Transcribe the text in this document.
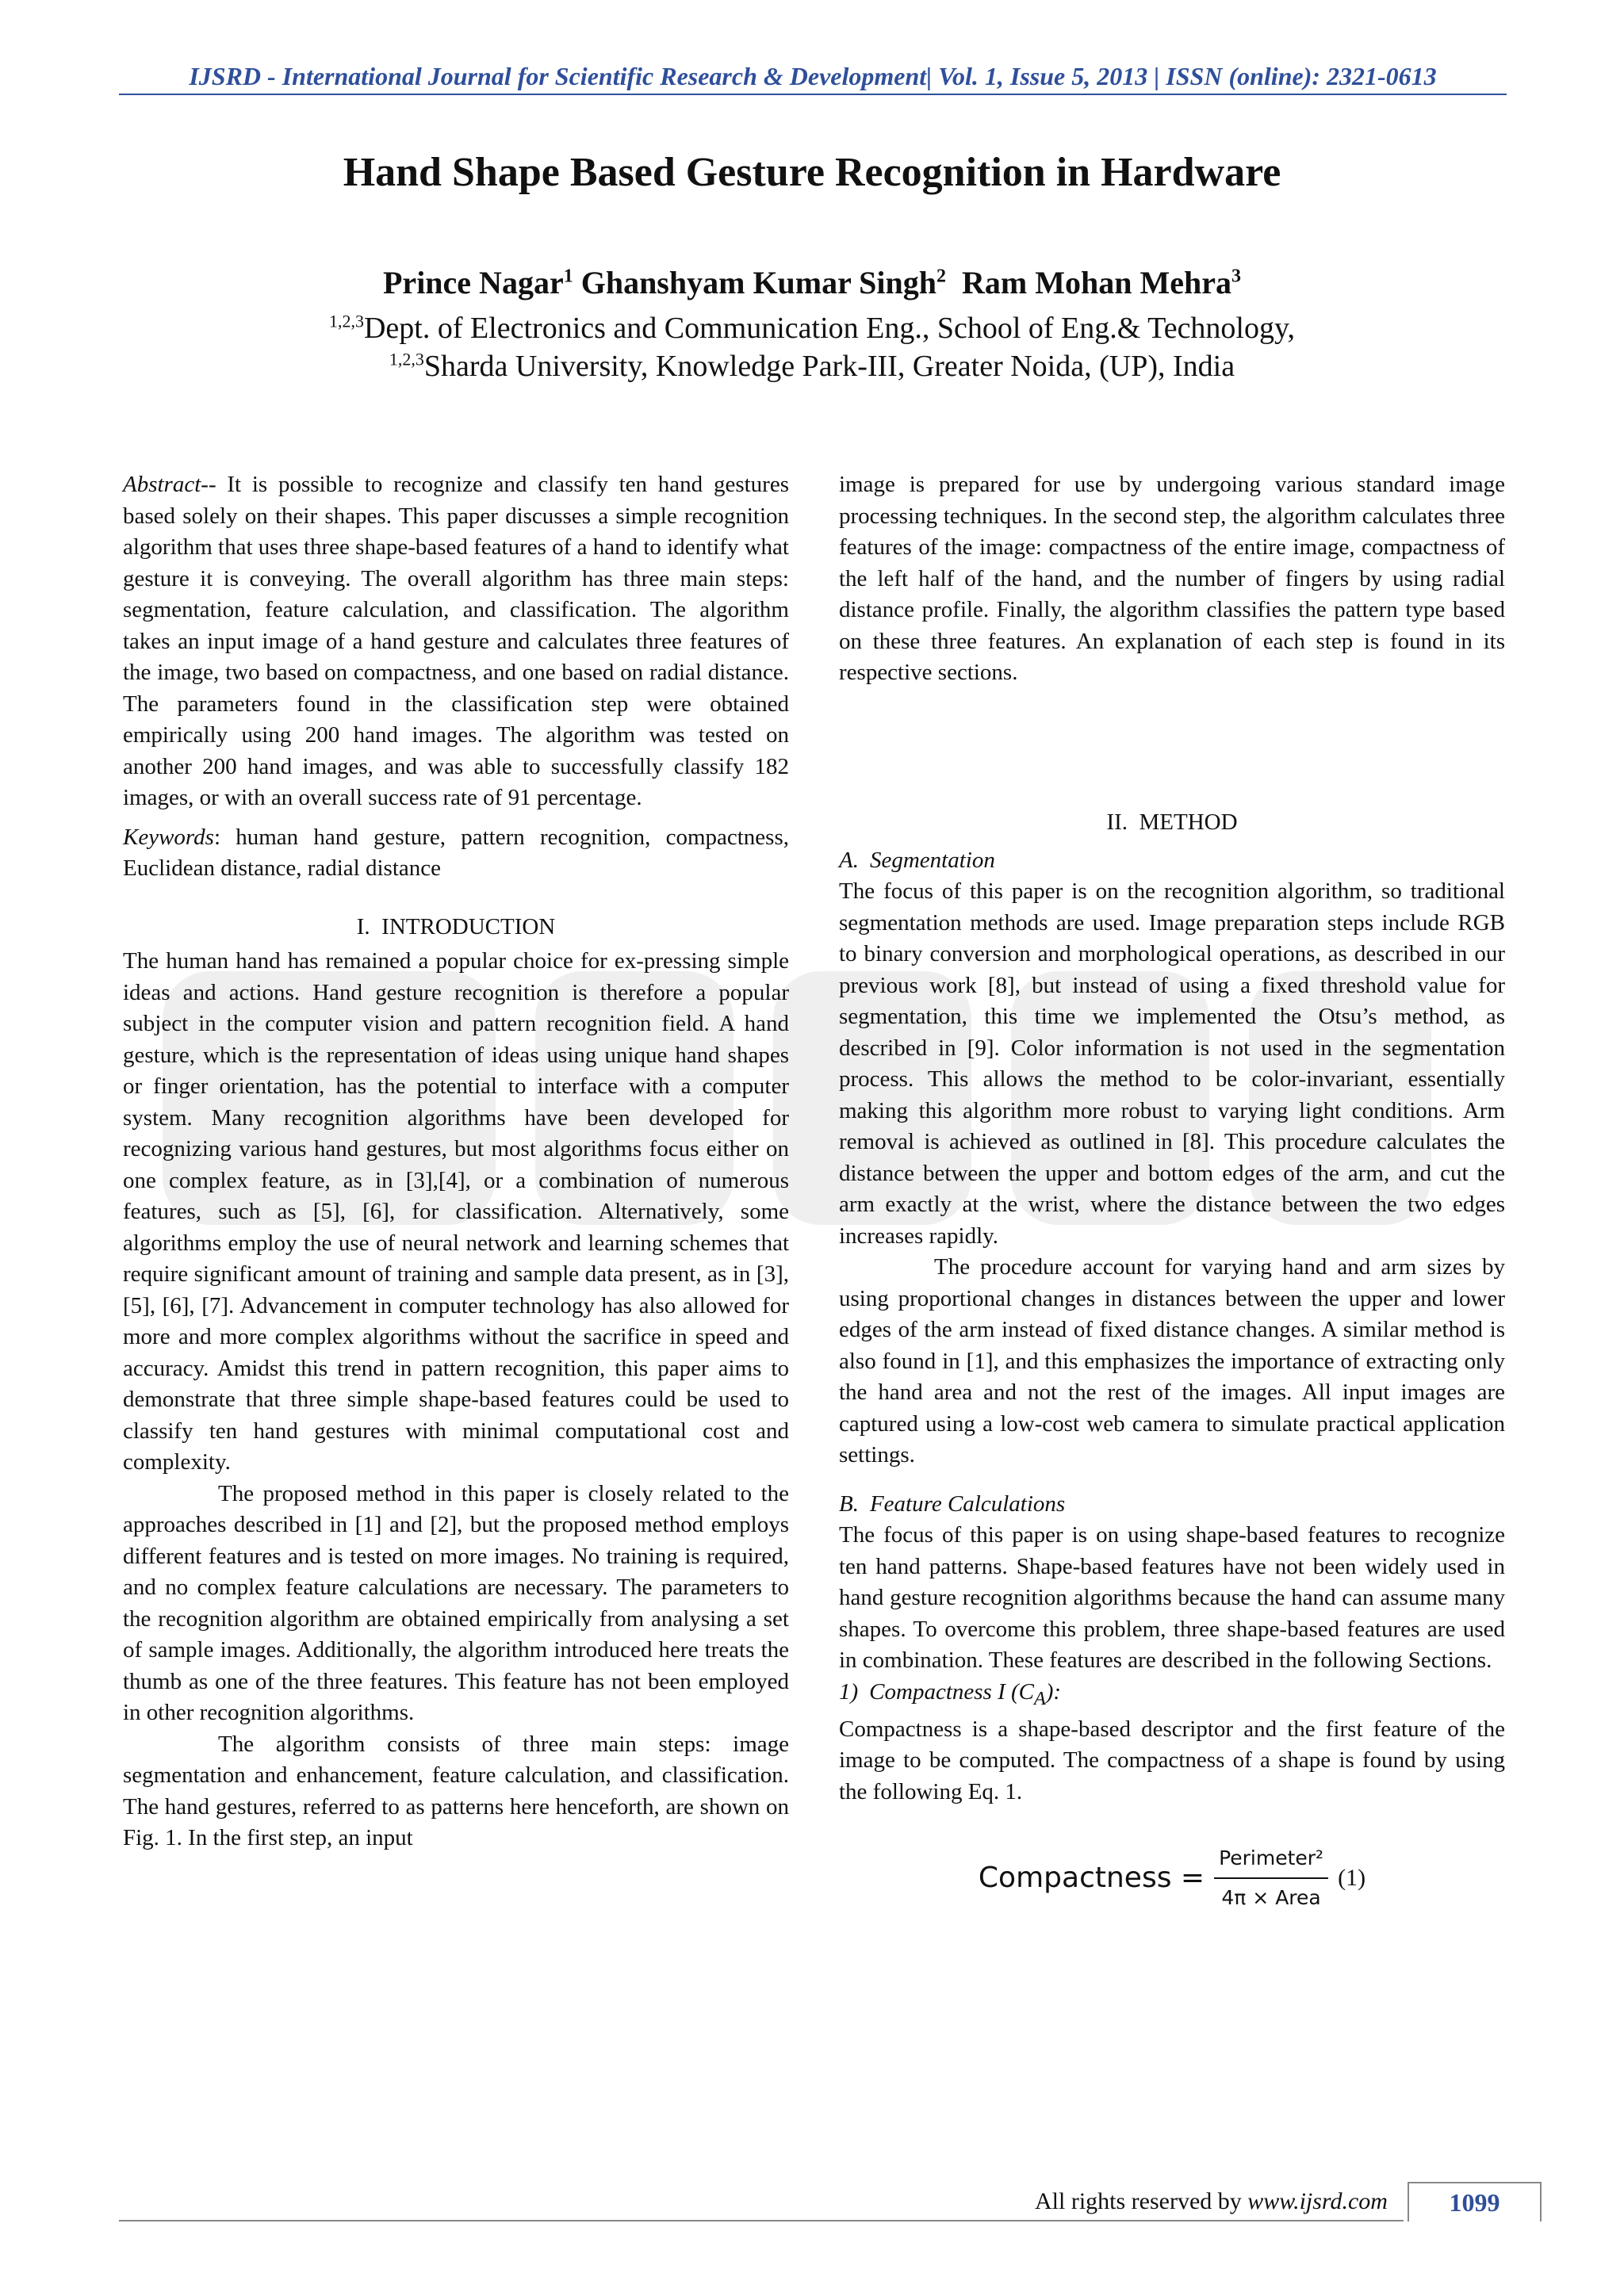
IJSRD - International Journal for Scientific Research & Development| Vol. 1, Issue 5, 2013 | ISSN (online): 2321-0613
Hand Shape Based Gesture Recognition in Hardware
Prince Nagar$^1$ Ghanshyam Kumar Singh$^2$ Ram Mohan Mehra$^3$
$^{1,2,3}$Dept. of Electronics and Communication Eng., School of Eng.& Technology,
$^{1,2,3}$Sharda University, Knowledge Park-III, Greater Noida, (UP), India

Abstract-- It is possible to recognize and classify ten hand gestures based solely on their shapes. This paper discusses a simple recognition algorithm that uses three shape-based features of a hand to identify what gesture it is conveying. The overall algorithm has three main steps: segmentation, feature calculation, and classification. The algorithm takes an input image of a hand gesture and calculates three features of the image, two based on compactness, and one based on radial distance. The parameters found in the classification step were obtained empirically using 200 hand images. The algorithm was tested on another 200 hand images, and was able to successfully classify 182 images, or with an overall success rate of 91 percentage.

Keywords: human hand gesture, pattern recognition, compactness, Euclidean distance, radial distance

I.  INTRODUCTION

The human hand has remained a popular choice for ex-pressing simple ideas and actions. Hand gesture recognition is therefore a popular subject in the computer vision and pattern recognition field. A hand gesture, which is the representation of ideas using unique hand shapes or finger orientation, has the potential to interface with a computer system. Many recognition algorithms have been developed for recognizing various hand gestures, but most algorithms focus either on one complex feature, as in [3],[4], or a combination of numerous features, such as [5], [6], for classification. Alternatively, some algorithms employ the use of neural network and learning schemes that require significant amount of training and sample data present, as in [3], [5], [6], [7]. Advancement in computer technology has also allowed for more and more complex algorithms without the sacrifice in speed and accuracy. Amidst this trend in pattern recognition, this paper aims to demonstrate that three simple shape-based features could be used to classify ten hand gestures with minimal computational cost and complexity.

The proposed method in this paper is closely related to the approaches described in [1] and [2], but the proposed method employs different features and is tested on more images. No training is required, and no complex feature calculations are necessary. The parameters to the recognition algorithm are obtained empirically from analysing a set of sample images. Additionally, the algorithm introduced here treats the thumb as one of the three features. This feature has not been employed in other recognition algorithms.

The algorithm consists of three main steps: image segmentation and enhancement, feature calculation, and classification. The hand gestures, referred to as patterns here henceforth, are shown on Fig. 1. In the first step, an input

II.  METHOD

A. Segmentation

The focus of this paper is on the recognition algorithm, so traditional segmentation methods are used. Image preparation steps include RGB to binary conversion and morphological operations, as described in our previous work [8], but instead of using a fixed threshold value for segmentation, this time we implemented the Otsu’s method, as described in [9]. Color information is not used in the segmentation process. This allows the method to be color-invariant, essentially making this algorithm more robust to varying light conditions. Arm removal is achieved as outlined in [8]. This procedure calculates the distance between the upper and bottom edges of the arm, and cut the arm exactly at the wrist, where the distance between the two edges increases rapidly.

The procedure account for varying hand and arm sizes by using proportional changes in distances between the upper and lower edges of the arm instead of fixed distance changes. A similar method is also found in [1], and this emphasizes the importance of extracting only the hand area and not the rest of the images. All input images are captured using a low-cost web camera to simulate practical application settings.

B. Feature Calculations

The focus of this paper is on using shape-based features to recognize ten hand patterns. Shape-based features have not been widely used in hand gesture recognition algorithms because the hand can assume many shapes. To overcome this problem, three shape-based features are used in combination. These features are described in the following Sections.

1) Compactness I $(C_A)$:

Compactness is a shape-based descriptor and the first feature of the image to be computed. The compactness of a shape is found by using the following Eq. 1.

Compactness = $\frac{\text{Perimeter²}}{\text{4π × Area}} (1)$

image is prepared for use by undergoing various standard image processing techniques. In the second step, the algorithm calculates three features of the image: compactness of the entire image, compactness of the left half of the hand, and the number of fingers by using radial distance profile. Finally, the algorithm classifies the pattern type based on these three features. An explanation of each step is found in its respective sections.

All rights reserved by www.ijsrd.com	1099
